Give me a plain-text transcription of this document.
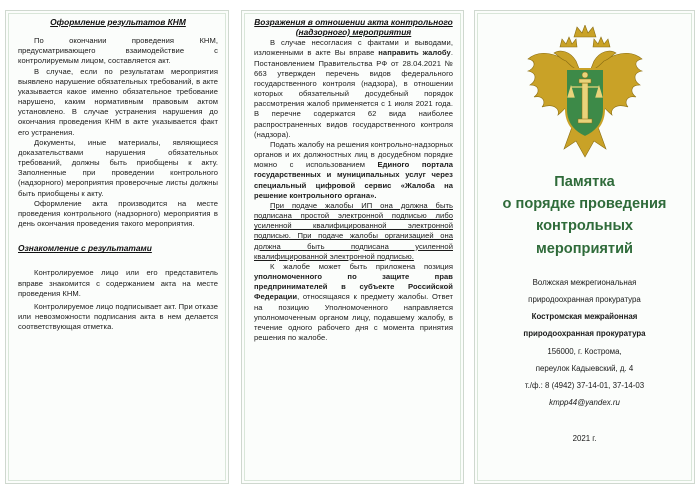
Оформление результатов КНМ

По окончании проведения КНМ, предусматривающего взаимодействие с контролируемым лицом, составляется акт.

В случае, если по результатам мероприятия выявлено нарушение обязательных требований, в акте указывается какое именно обязательное требование нарушено, каким нормативным правовым актом установлено. В случае устранения нарушения до окончания проведения КНМ в акте указывается факт его устранения.

Документы, иные материалы, являющиеся доказательствами нарушения обязательных требований, должны быть приобщены к акту. Заполненные при проведении контрольного (надзорного) мероприятия проверочные листы должны быть приобщены к акту.

Оформление акта производится на месте проведения контрольного (надзорного) мероприятия в день окончания проведения такого мероприятия.

Ознакомление с результатами

Контролируемое лицо или его представитель вправе знакомится с содержанием акта на месте проведения КНМ.

Контролируемое лицо подписывает акт. При отказе или невозможности подписания акта в нем делается соответствующая отметка.

Возражения в отношении акта контрольного (надзорного) мероприятия

В случае несогласия с фактами и выводами, изложенными в акте Вы вправе направить жалобу. Постановлением Правительства РФ от 28.04.2021 № 663 утвержден перечень видов федерального государственного контроля (надзора), в отношении которых обязательный досудебный порядок рассмотрения жалоб применяется с 1 июля 2021 года. В перечне содержатся 62 вида наиболее распространенных видов государственного контроля (надзора).

Подать жалобу на решения контрольно-надзорных органов и их должностных лиц в досудебном порядке можно с использованием Единого портала государственных и муниципальных услуг через специальный цифровой сервис «Жалоба на решение контрольного органа».

При подаче жалобы ИП она должна быть подписана простой электронной подписью либо усиленной квалифицированной электронной подписью. При подаче жалобы организацией она должна быть подписана усиленной квалифицированной электронной подписью.

К жалобе может быть приложена позиция уполномоченного по защите прав предпринимателей в субъекте Российской Федерации, относящаяся к предмету жалобы. Ответ на позицию Уполномоченного направляется уполномоченным органом лицу, подавшему жалобу, в течение одного рабочего дня с момента принятия решения по жалобе.

Памятка
о порядке проведения
контрольных
мероприятий
Волжская межрегиональная
природоохранная прокуратура
Костромская межрайонная
природоохранная прокуратура
156000, г. Кострома,
переулок Кадыевский, д. 4
т./ф.: 8 (4942) 37-14-01, 37-14-03
kmpp44@yandex.ru
2021 г.
